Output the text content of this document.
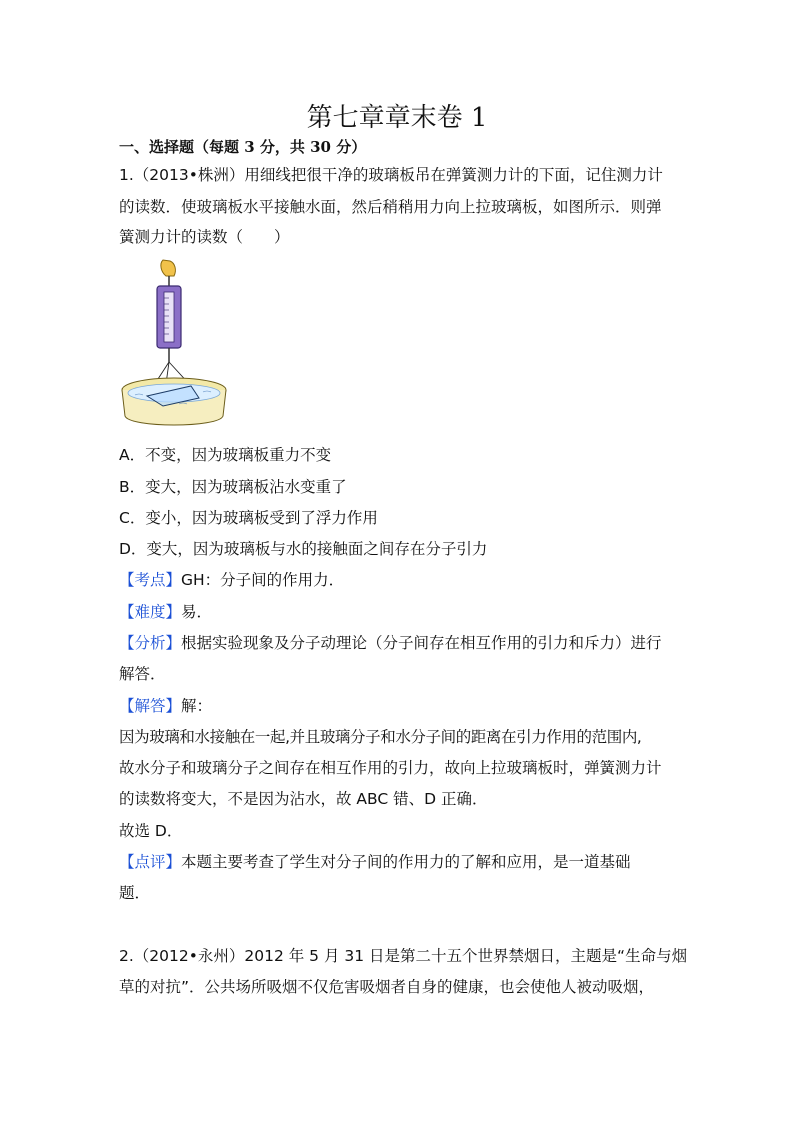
第七章章末卷 1
一、选择题（每题 3 分，共 30 分）
1.（2013•株洲）用细线把很干净的玻璃板吊在弹簧测力计的下面，记住测力计
的读数．使玻璃板水平接触水面，然后稍稍用力向上拉玻璃板，如图所示．则弹
簧测力计的读数（　　）
A．不变，因为玻璃板重力不变
B．变大，因为玻璃板沾水变重了
C．变小，因为玻璃板受到了浮力作用
D．变大，因为玻璃板与水的接触面之间存在分子引力
【考点】GH：分子间的作用力．
【难度】易．
【分析】根据实验现象及分子动理论（分子间存在相互作用的引力和斥力）进行
解答．
【解答】解：
因为玻璃和水接触在一起,并且玻璃分子和水分子间的距离在引力作用的范围内,
故水分子和玻璃分子之间存在相互作用的引力，故向上拉玻璃板时，弹簧测力计
的读数将变大，不是因为沾水，故 ABC 错、D 正确．
故选 D．
【点评】本题主要考查了学生对分子间的作用力的了解和应用，是一道基础
题．
2.（2012•永州）2012 年 5 月 31 日是第二十五个世界禁烟日，主题是“生命与烟
草的对抗”．公共场所吸烟不仅危害吸烟者自身的健康，也会使他人被动吸烟，
